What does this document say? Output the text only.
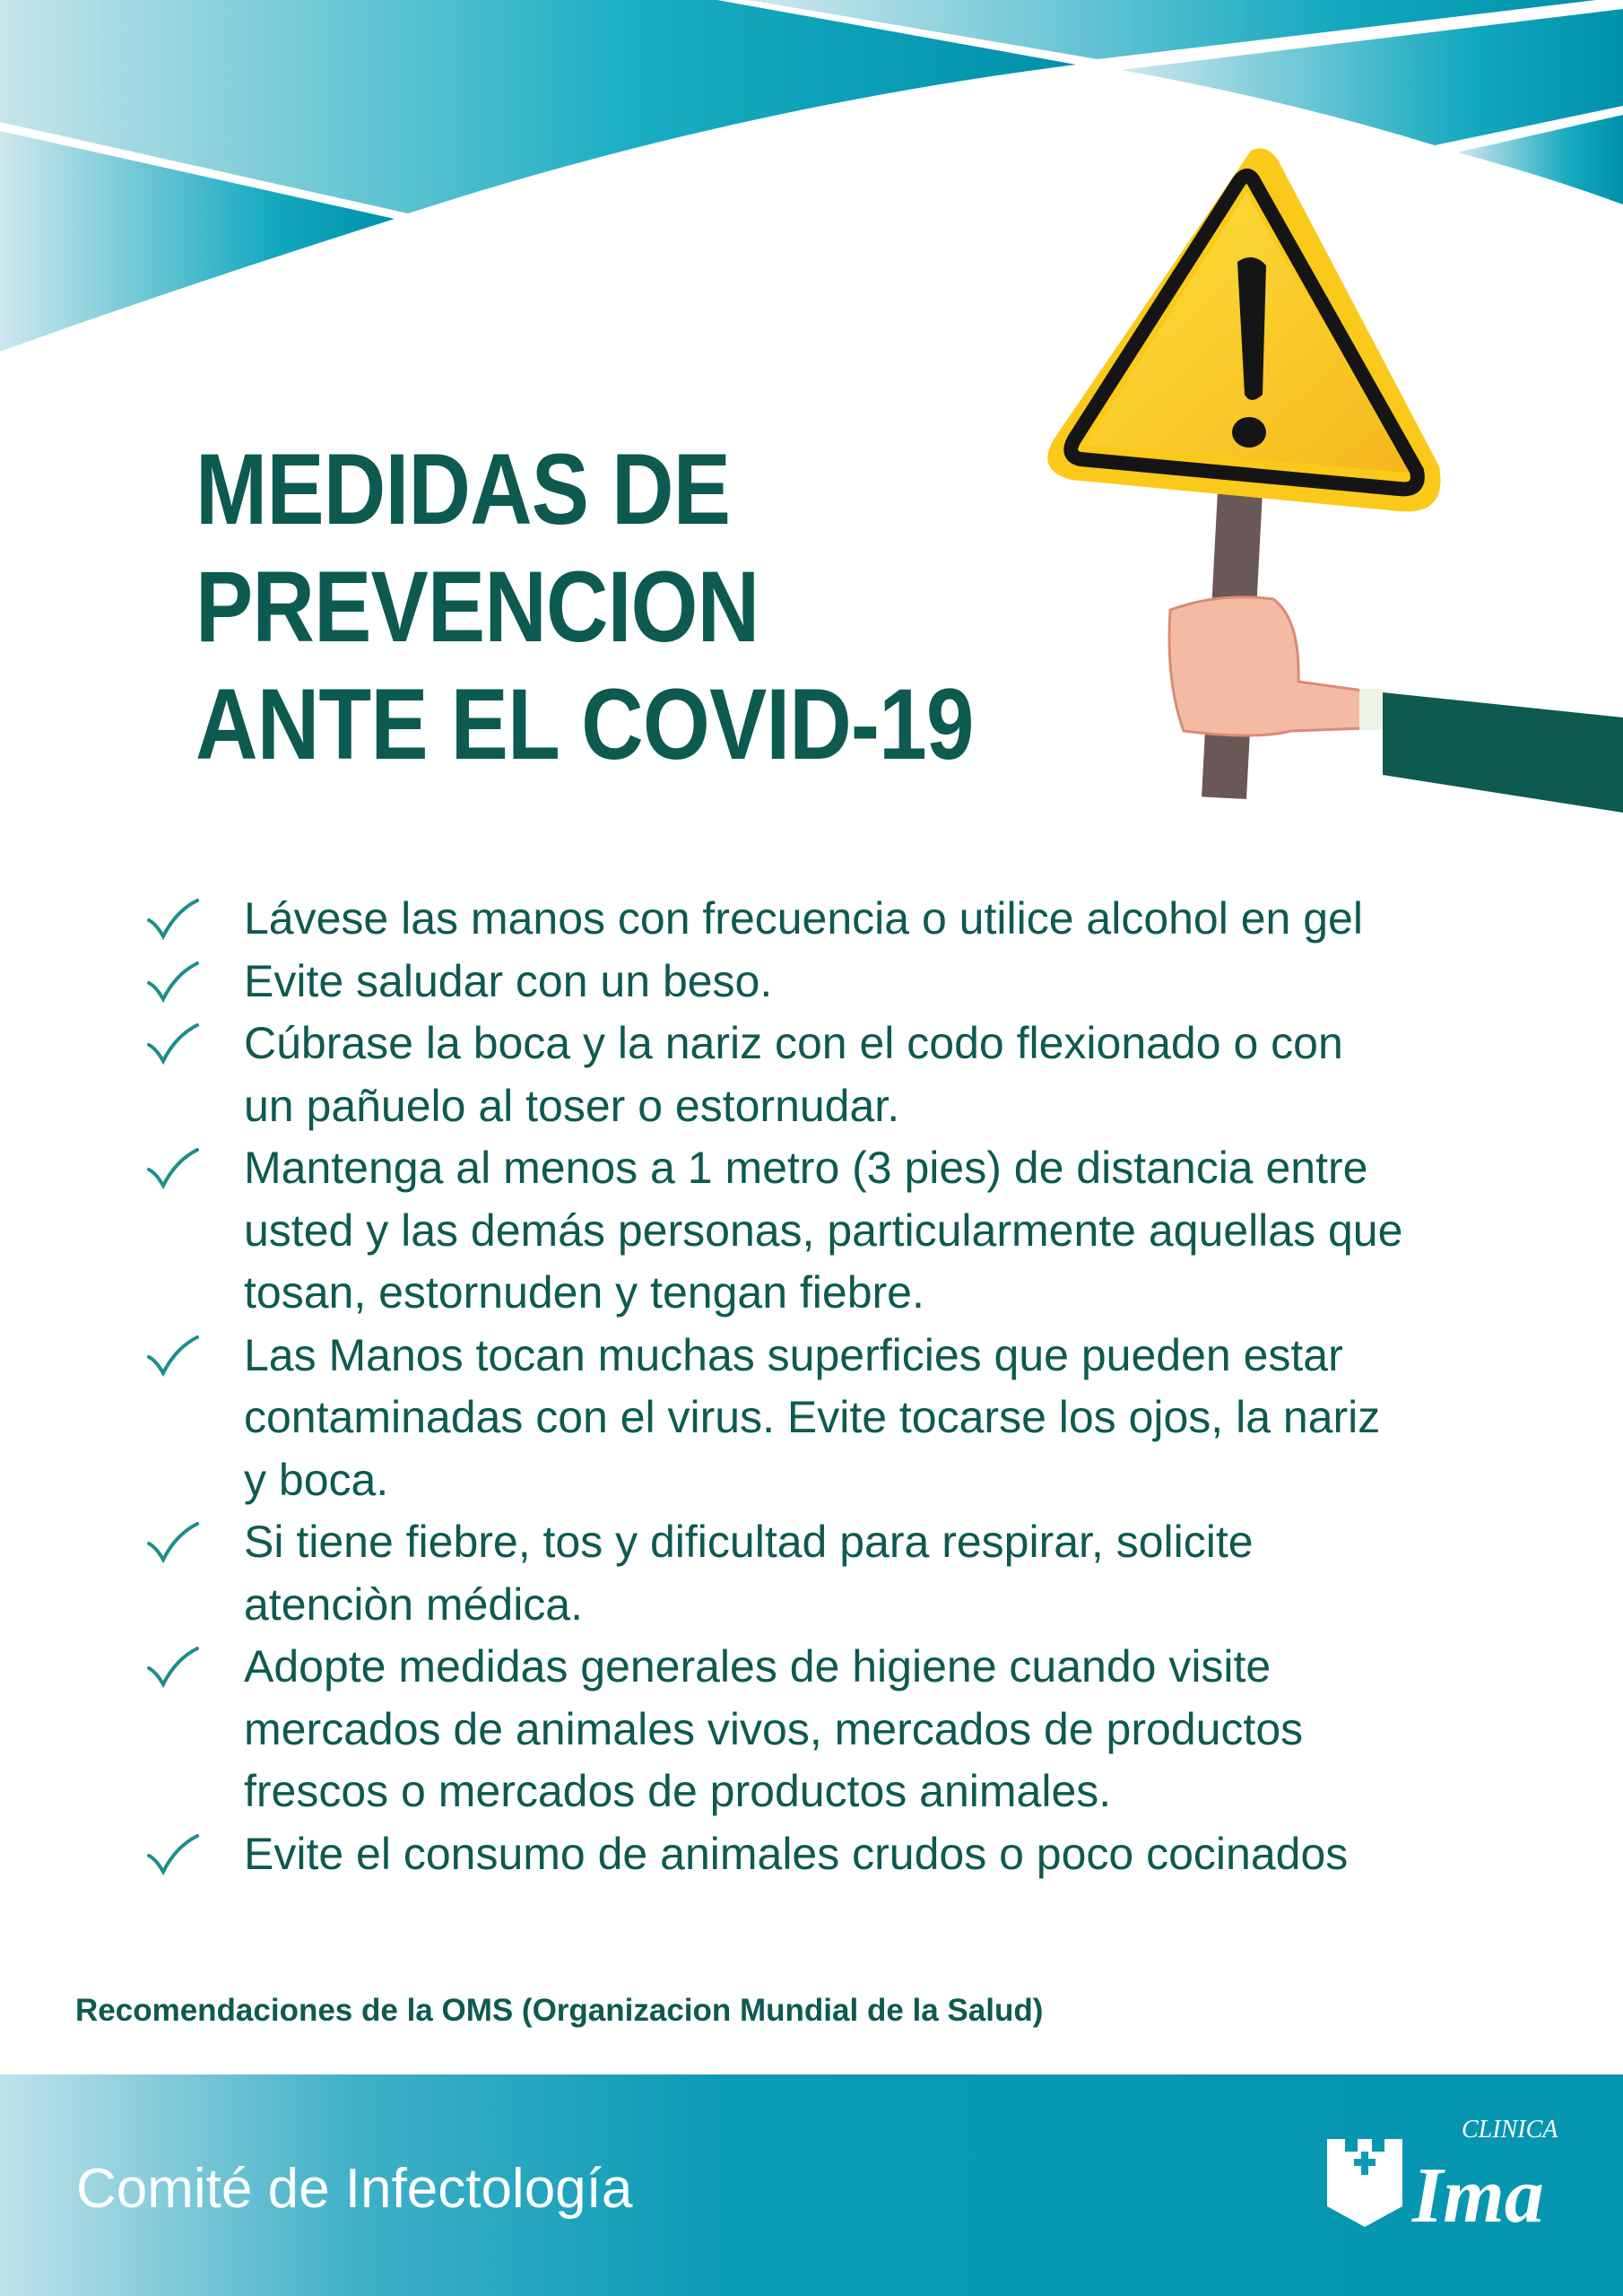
MEDIDAS DE
PREVENCION
ANTE EL COVID-19
Lávese las manos con frecuencia o utilice alcohol en gel
Evite saludar con un beso.
Cúbrase la boca y la nariz con el codo flexionado o con
un pañuelo al toser o estornudar.
Mantenga al menos a 1 metro (3 pies) de distancia entre
usted y las demás personas, particularmente aquellas que
tosan, estornuden y tengan fiebre.
Las Manos tocan muchas superficies que pueden estar
contaminadas con el virus. Evite tocarse los ojos, la nariz
y boca.
Si tiene fiebre, tos y dificultad para respirar, solicite
atenciòn médica.
Adopte medidas generales de higiene cuando visite
mercados de animales vivos, mercados de productos
frescos o mercados de productos animales.
Evite el consumo de animales crudos o poco cocinados
Recomendaciones de la OMS (Organizacion Mundial de la Salud)
Comité de Infectología
CLINICA
Ima
